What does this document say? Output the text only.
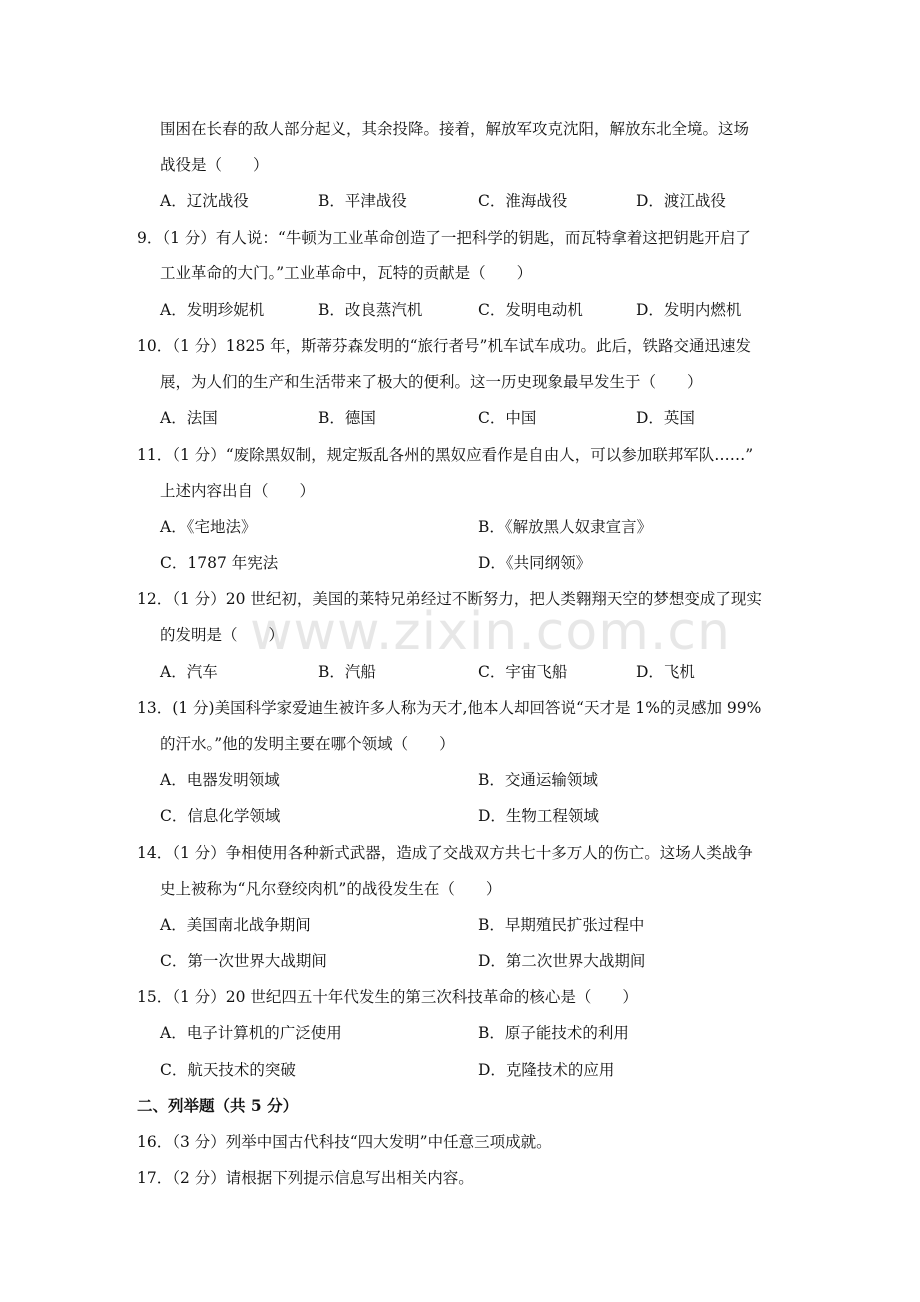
围困在长春的敌人部分起义，其余投降。接着，解放军攻克沈阳，解放东北全境。这场
战役是（　　）
A．辽沈战役	B．平津战役	C．淮海战役	D．渡江战役
9．（1 分）有人说：“牛顿为工业革命创造了一把科学的钥匙，而瓦特拿着这把钥匙开启了
工业革命的大门。”工业革命中，瓦特的贡献是（　　）
A．发明珍妮机	B．改良蒸汽机	C．发明电动机	D．发明内燃机
10．（1 分）1825 年，斯蒂芬森发明的“旅行者号”机车试车成功。此后，铁路交通迅速发
展，为人们的生产和生活带来了极大的便利。这一历史现象最早发生于（　　）
A．法国	B．德国	C．中国	D．英国
11．（1 分）“废除黑奴制，规定叛乱各州的黑奴应看作是自由人，可以参加联邦军队……”
上述内容出自（　　）
A．《宅地法》	B．《解放黑人奴隶宣言》
C．1787 年宪法	D．《共同纲领》
12．（1 分）20 世纪初，美国的莱特兄弟经过不断努力，把人类翱翔天空的梦想变成了现实
的发明是（　　）
A．汽车	B．汽船	C．宇宙飞船	D．飞机
13．(1 分)美国科学家爱迪生被许多人称为天才,他本人却回答说“天才是 1%的灵感加 99%
的汗水。”他的发明主要在哪个领域（　　）
A．电器发明领域	B．交通运输领域
C．信息化学领域	D．生物工程领域
14．（1 分）争相使用各种新式武器，造成了交战双方共七十多万人的伤亡。这场人类战争
史上被称为“凡尔登绞肉机”的战役发生在（　　）
A．美国南北战争期间	B．早期殖民扩张过程中
C．第一次世界大战期间	D．第二次世界大战期间
15．（1 分）20 世纪四五十年代发生的第三次科技革命的核心是（　　）
A．电子计算机的广泛使用	B．原子能技术的利用
C．航天技术的突破	D．克隆技术的应用
二、列举题（共 5 分）
16．（3 分）列举中国古代科技“四大发明”中任意三项成就。
17．（2 分）请根据下列提示信息写出相关内容。
www.zixin.com.cn
